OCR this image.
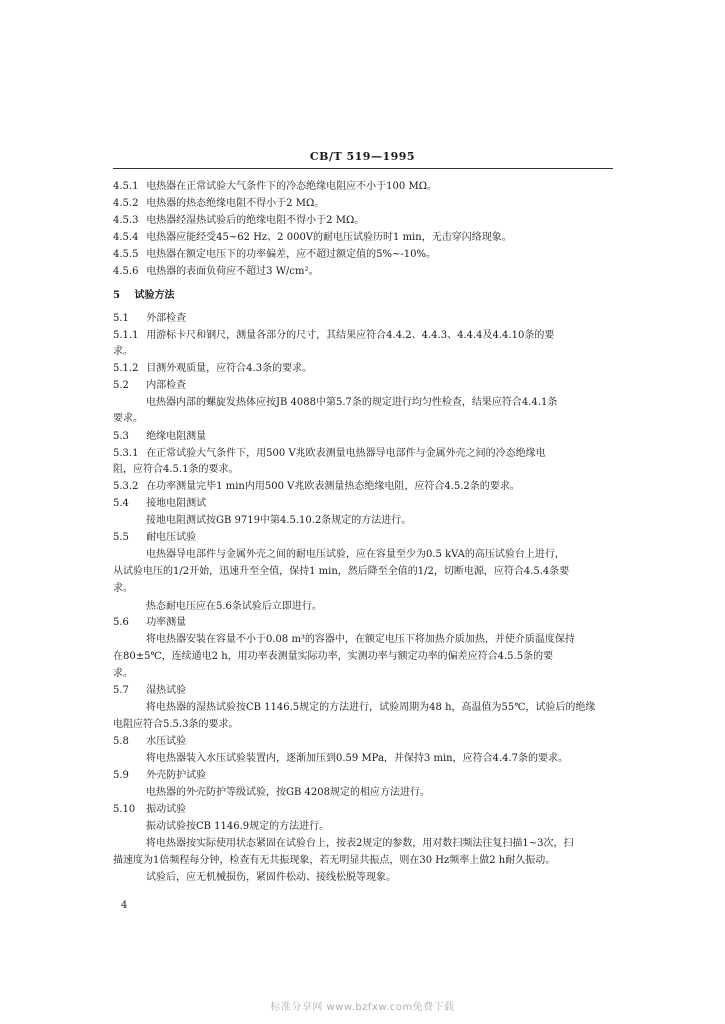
CB/T 519—1995
4.5.1 电热器在正常试验大气条件下的冷态绝缘电阻应不小于100 MΩ。
4.5.2 电热器的热态绝缘电阻不得小于2 MΩ。
4.5.3 电热器经湿热试验后的绝缘电阻不得小于2 MΩ。
4.5.4 电热器应能经受45~62 Hz、2 000V的耐电压试验历时1 min，无击穿闪络现象。
4.5.5 电热器在额定电压下的功率偏差，应不超过额定值的5%~-10%。
4.5.6 电热器的表面负荷应不超过3 W/cm²。
5 试验方法
5.1 外部检查
5.1.1 用游标卡尺和钢尺，测量各部分的尺寸，其结果应符合4.4.2、4.4.3、4.4.4及4.4.10条的要
求。
5.1.2 目测外观质量，应符合4.3条的要求。
5.2 内部检查
电热器内部的螺旋发热体应按JB 4088中第5.7条的规定进行均匀性检查，结果应符合4.4.1条
要求。
5.3 绝缘电阻测量
5.3.1 在正常试验大气条件下，用500 V兆欧表测量电热器导电部件与金属外壳之间的冷态绝缘电
阻，应符合4.5.1条的要求。
5.3.2 在功率测量完毕1 min内用500 V兆欧表测量热态绝缘电阻，应符合4.5.2条的要求。
5.4 接地电阻测试
接地电阻测试按GB 9719中第4.5.10.2条规定的方法进行。
5.5 耐电压试验
电热器导电部件与金属外壳之间的耐电压试验，应在容量至少为0.5 kVA的高压试验台上进行，
从试验电压的1/2开始，迅速升至全值，保持1 min，然后降至全值的1/2，切断电源，应符合4.5.4条要
求。
热态耐电压应在5.6条试验后立即进行。
5.6 功率测量
将电热器安装在容量不小于0.08 m³的容器中，在额定电压下将加热介质加热，并使介质温度保持
在80±5℃，连续通电2 h，用功率表测量实际功率，实测功率与额定功率的偏差应符合4.5.5条的要
求。
5.7 湿热试验
将电热器的湿热试验按CB 1146.5规定的方法进行，试验周期为48 h，高温值为55℃，试验后的绝缘
电阻应符合5.5.3条的要求。
5.8 水压试验
将电热器装入水压试验装置内，逐渐加压到0.59 MPa，并保持3 min，应符合4.4.7条的要求。
5.9 外壳防护试验
电热器的外壳防护等级试验，按GB 4208规定的相应方法进行。
5.10 振动试验
振动试验按CB 1146.9规定的方法进行。
将电热器按实际使用状态紧固在试验台上，按表2规定的参数，用对数扫频法往复扫描1~3次，扫
描速度为1倍频程每分钟，检查有无共振现象，若无明显共振点，则在30 Hz频率上做2 h耐久振动。
试验后，应无机械损伤，紧固件松动、接线松脱等现象。
4
标准分享网 www.bzfxw.com免费下载
